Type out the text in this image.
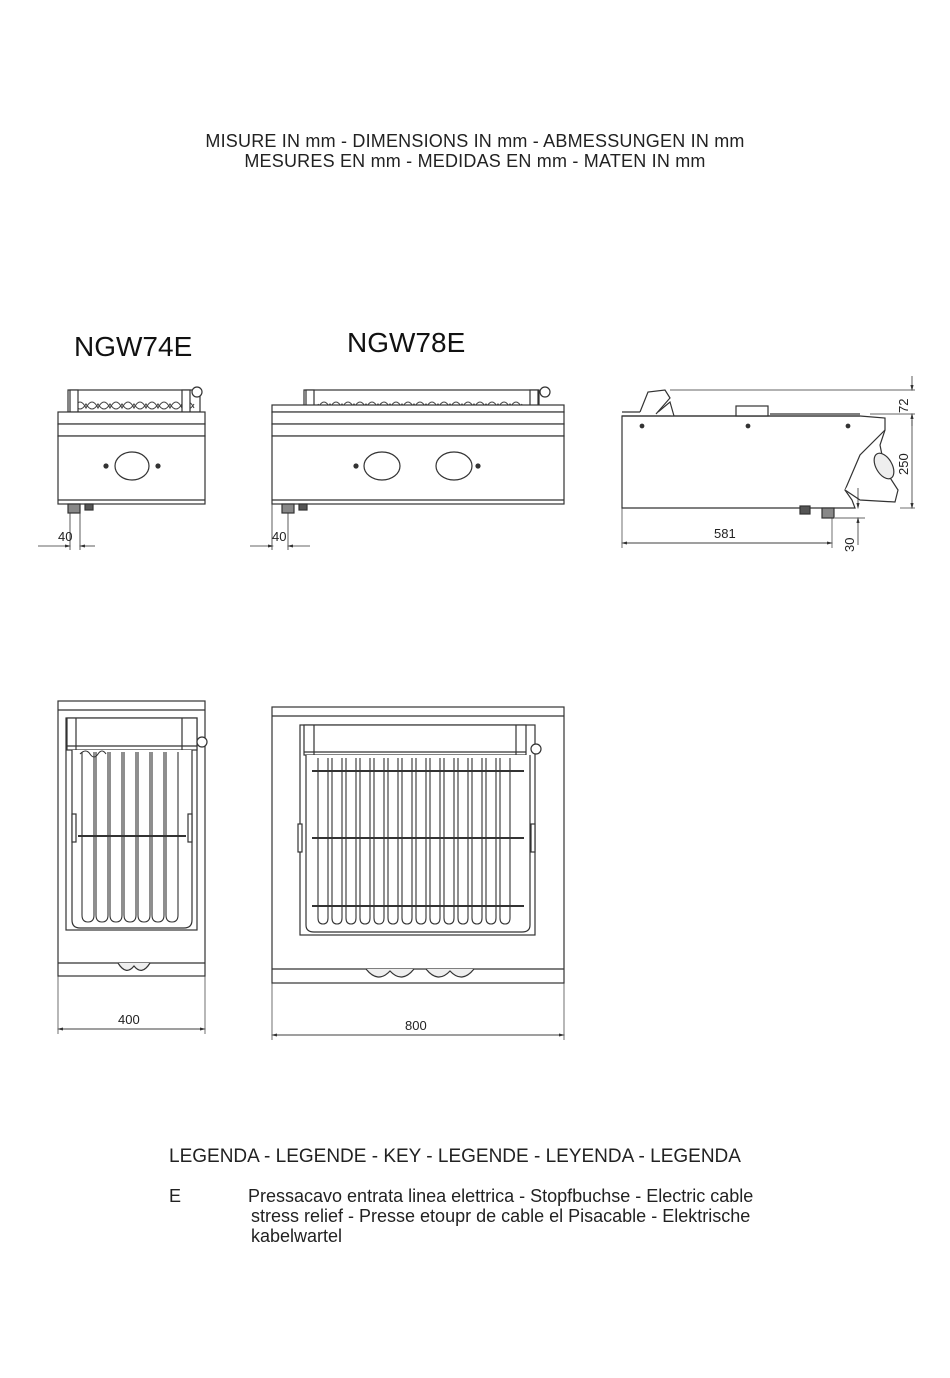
MISURE IN mm - DIMENSIONS IN mm - ABMESSUNGEN IN mm
MESURES EN mm - MEDIDAS EN mm - MATEN IN mm
NGW74E	NGW78E
40	40	581
72
250
30
400	800
LEGENDA - LEGENDE - KEY - LEGENDE - LEYENDA - LEGENDA
E	Pressacavo entrata linea elettrica - Stopfbuchse - Electric cable
stress relief - Presse etoupr de cable el Pisacable - Elektrische
kabelwartel
